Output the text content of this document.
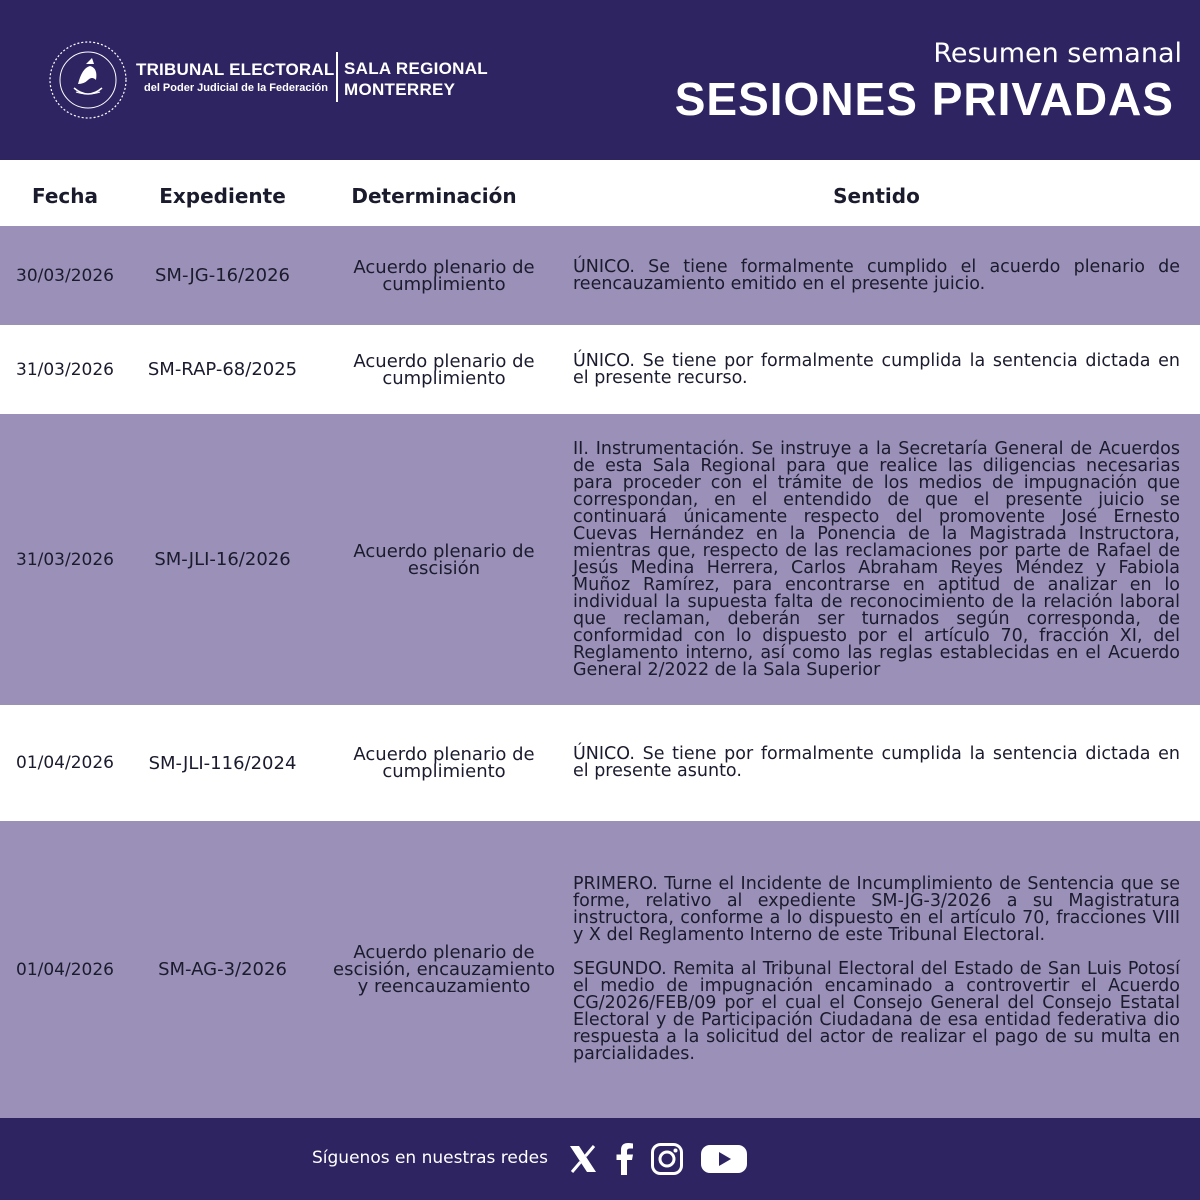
TRIBUNAL ELECTORAL
del Poder Judicial de la Federación
SALA REGIONAL
MONTERREY
Resumen semanal
SESIONES PRIVADAS
Fecha	Expediente	Determinación	Sentido
30/03/2026	SM-JG-16/2026	Acuerdo plenario de cumplimiento

ÚNICO. Se tiene formalmente cumplido el acuerdo plenario de reencauzamiento emitido en el presente juicio.

31/03/2026	SM-RAP-68/2025	Acuerdo plenario de cumplimiento

ÚNICO. Se tiene por formalmente cumplida la sentencia dictada en el presente recurso.

31/03/2026	SM-JLI-16/2026	Acuerdo plenario de escisión

II. Instrumentación. Se instruye a la Secretaría General de Acuerdos de esta Sala Regional para que realice las diligencias necesarias para proceder con el trámite de los medios de impugnación que correspondan, en el entendido de que el presente juicio se continuará únicamente respecto del promovente José Ernesto Cuevas Hernández en la Ponencia de la Magistrada Instructora, mientras que, respecto de las reclamaciones por parte de Rafael de Jesús Medina Herrera, Carlos Abraham Reyes Méndez y Fabiola Muñoz Ramírez, para encontrarse en aptitud de analizar en lo individual la supuesta falta de reconocimiento de la relación laboral que reclaman, deberán ser turnados según corresponda, de conformidad con lo dispuesto por el artículo 70, fracción XI, del Reglamento interno, así como las reglas establecidas en el Acuerdo General 2/2022 de la Sala Superior

01/04/2026	SM-JLI-116/2024	Acuerdo plenario de cumplimiento

ÚNICO. Se tiene por formalmente cumplida la sentencia dictada en el presente asunto.

01/04/2026	SM-AG-3/2026
Acuerdo plenario de escisión, encauzamiento y reencauzamiento

PRIMERO. Turne el Incidente de Incumplimiento de Sentencia que se forme, relativo al expediente SM-JG-3/2026 a su Magistratura instructora, conforme a lo dispuesto en el artículo 70, fracciones VIII y X del Reglamento Interno de este Tribunal Electoral.

SEGUNDO. Remita al Tribunal Electoral del Estado de San Luis Potosí el medio de impugnación encaminado a controvertir el Acuerdo CG/2026/FEB/09 por el cual el Consejo General del Consejo Estatal Electoral y de Participación Ciudadana de esa entidad federativa dio respuesta a la solicitud del actor de realizar el pago de su multa en parcialidades.

Síguenos en nuestras redes
